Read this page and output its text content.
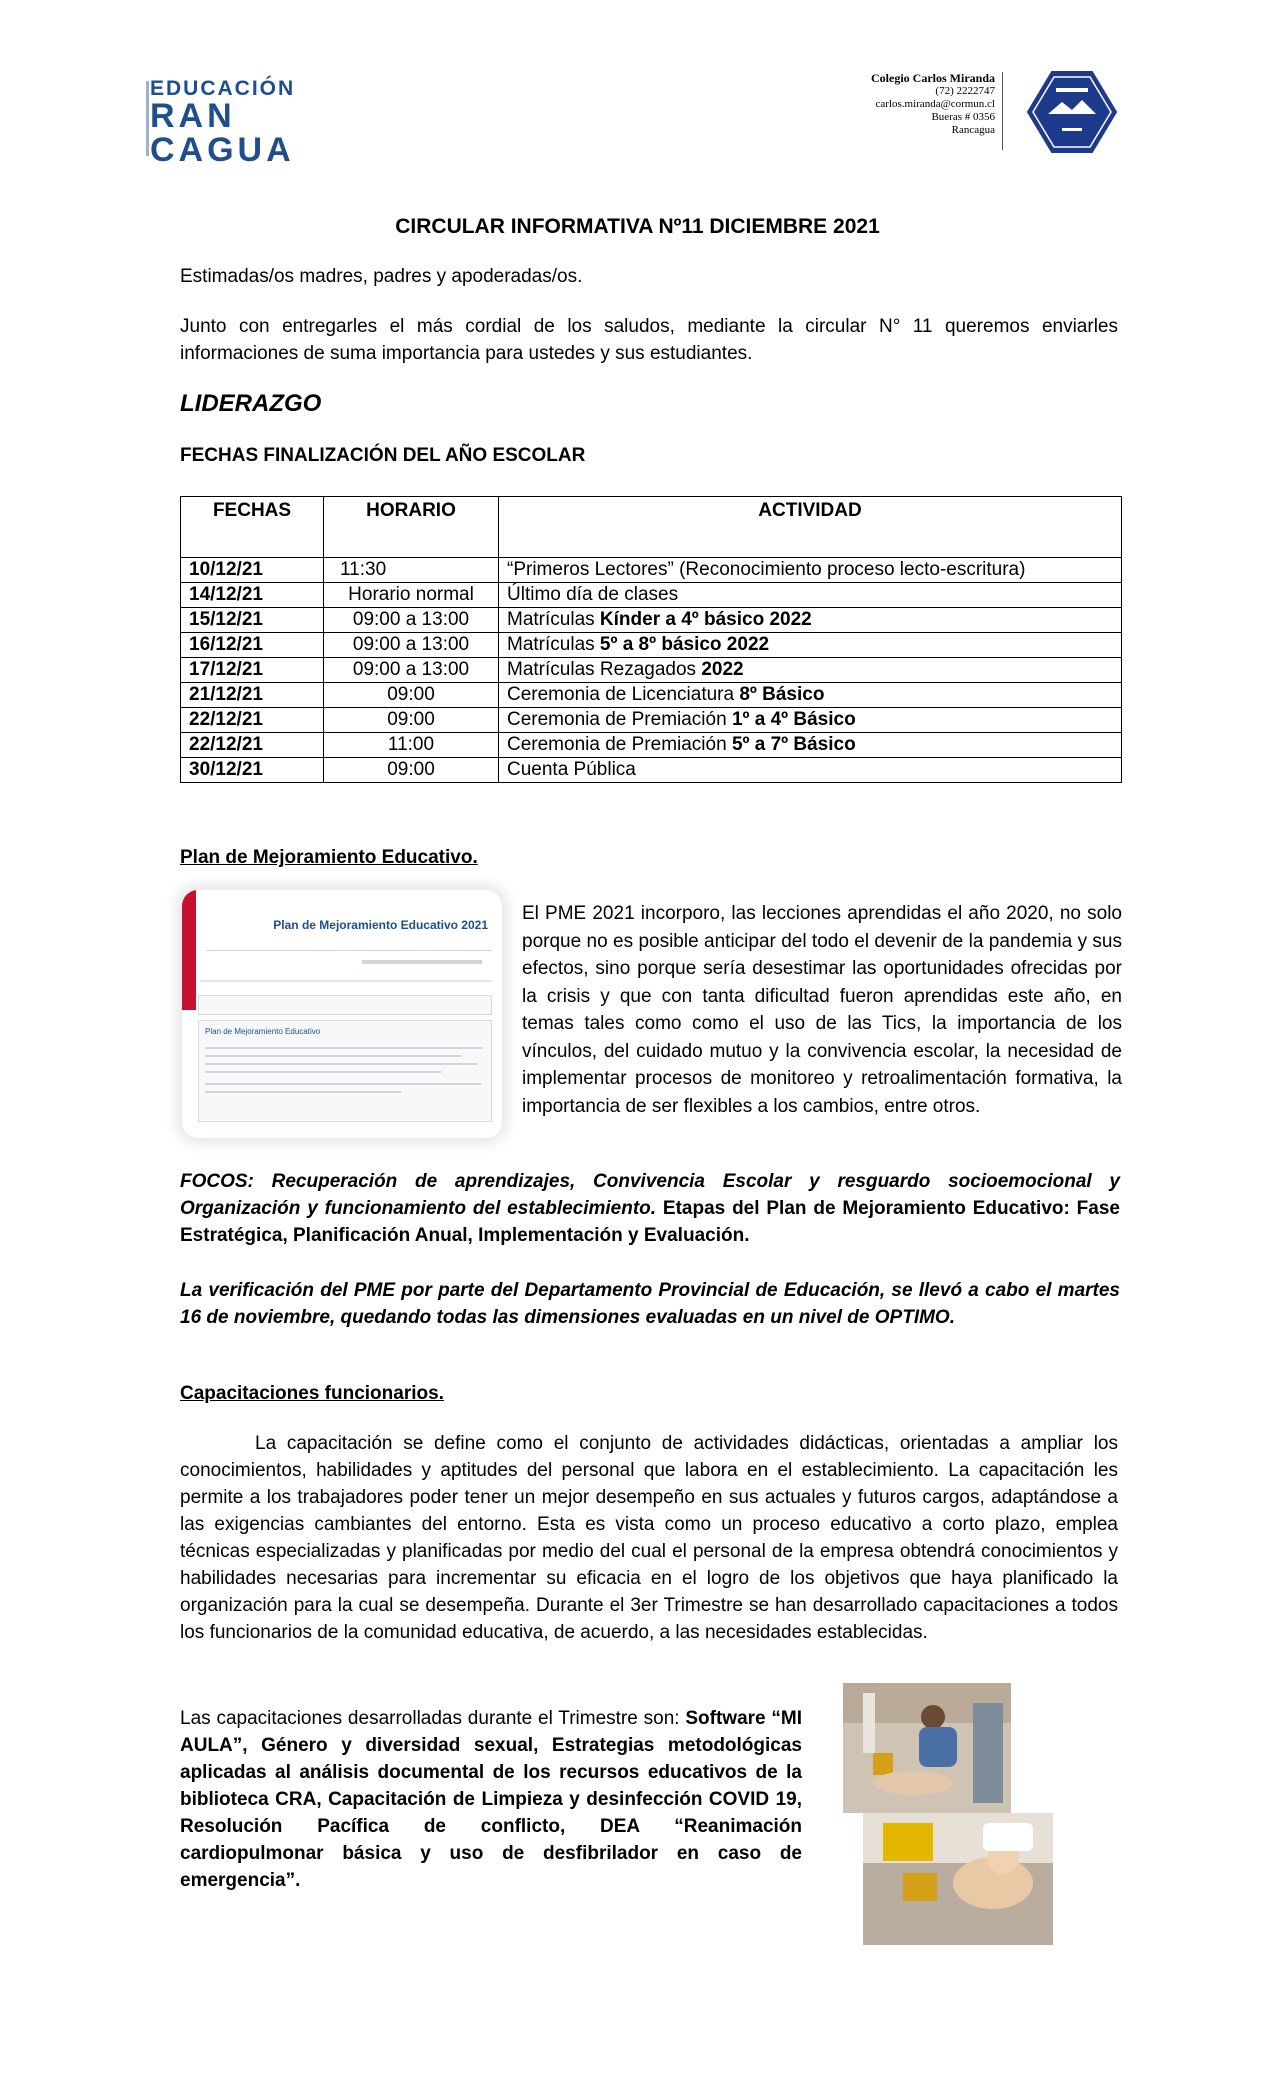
EDUCACIÓN
RAN
CAGUA
Colegio Carlos Miranda
(72) 2222747
carlos.miranda@cormun.cl
Bueras # 0356
Rancagua
CIRCULAR INFORMATIVA Nº11 DICIEMBRE 2021
Estimadas/os madres, padres y apoderadas/os.
Junto con entregarles el más cordial de los saludos, mediante la circular N° 11 queremos enviarles informaciones de suma importancia para ustedes y sus estudiantes.
LIDERAZGO
FECHAS FINALIZACIÓN DEL AÑO ESCOLAR
FECHAS	HORARIO	ACTIVIDAD
10/12/21	11:30	“Primeros Lectores” (Reconocimiento proceso lecto-escritura)
14/12/21	Horario normal	Último día de clases
15/12/21	09:00 a 13:00	Matrículas Kínder a 4º básico 2022
16/12/21	09:00 a 13:00	Matrículas 5º a 8º básico 2022
17/12/21	09:00 a 13:00	Matrículas Rezagados 2022
21/12/21	09:00	Ceremonia de Licenciatura 8º Básico
22/12/21	09:00	Ceremonia de Premiación 1º a 4º Básico
22/12/21	11:00	Ceremonia de Premiación 5º a 7º Básico
30/12/21	09:00	Cuenta Pública
Plan de Mejoramiento Educativo.
Plan de Mejoramiento Educativo 2021
Plan de Mejoramiento Educativo
El PME 2021 incorporo, las lecciones aprendidas el año 2020, no solo porque no es posible anticipar del todo el devenir de la pandemia y sus efectos, sino porque sería desestimar las oportunidades ofrecidas por la crisis y que con tanta dificultad fueron aprendidas este año, en temas tales como como el uso de las Tics, la importancia de los vínculos, del cuidado mutuo y la convivencia escolar, la necesidad de implementar procesos de monitoreo y retroalimentación formativa, la importancia de ser flexibles a los cambios, entre otros.
FOCOS: Recuperación de aprendizajes, Convivencia Escolar y resguardo socioemocional y Organización y funcionamiento del establecimiento. Etapas del Plan de Mejoramiento Educativo: Fase Estratégica, Planificación Anual, Implementación y Evaluación.
La verificación del PME por parte del Departamento Provincial de Educación, se llevó a cabo el martes 16 de noviembre, quedando todas las dimensiones evaluadas en un nivel de OPTIMO.
Capacitaciones funcionarios.
La capacitación se define como el conjunto de actividades didácticas, orientadas a ampliar los conocimientos, habilidades y aptitudes del personal que labora en el establecimiento. La capacitación les permite a los trabajadores poder tener un mejor desempeño en sus actuales y futuros cargos, adaptándose a las exigencias cambiantes del entorno. Esta es vista como un proceso educativo a corto plazo, emplea técnicas especializadas y planificadas por medio del cual el personal de la empresa obtendrá conocimientos y habilidades necesarias para incrementar su eficacia en el logro de los objetivos que haya planificado la organización para la cual se desempeña. Durante el 3er Trimestre se han desarrollado capacitaciones a todos los funcionarios de la comunidad educativa, de acuerdo, a las necesidades establecidas.
Las capacitaciones desarrolladas durante el Trimestre son: Software “MI AULA”, Género y diversidad sexual, Estrategias metodológicas aplicadas al análisis documental de los recursos educativos de la biblioteca CRA, Capacitación de Limpieza y desinfección COVID 19, Resolución Pacífica de conflicto, DEA “Reanimación cardiopulmonar básica y uso de desfibrilador en caso de emergencia”.
